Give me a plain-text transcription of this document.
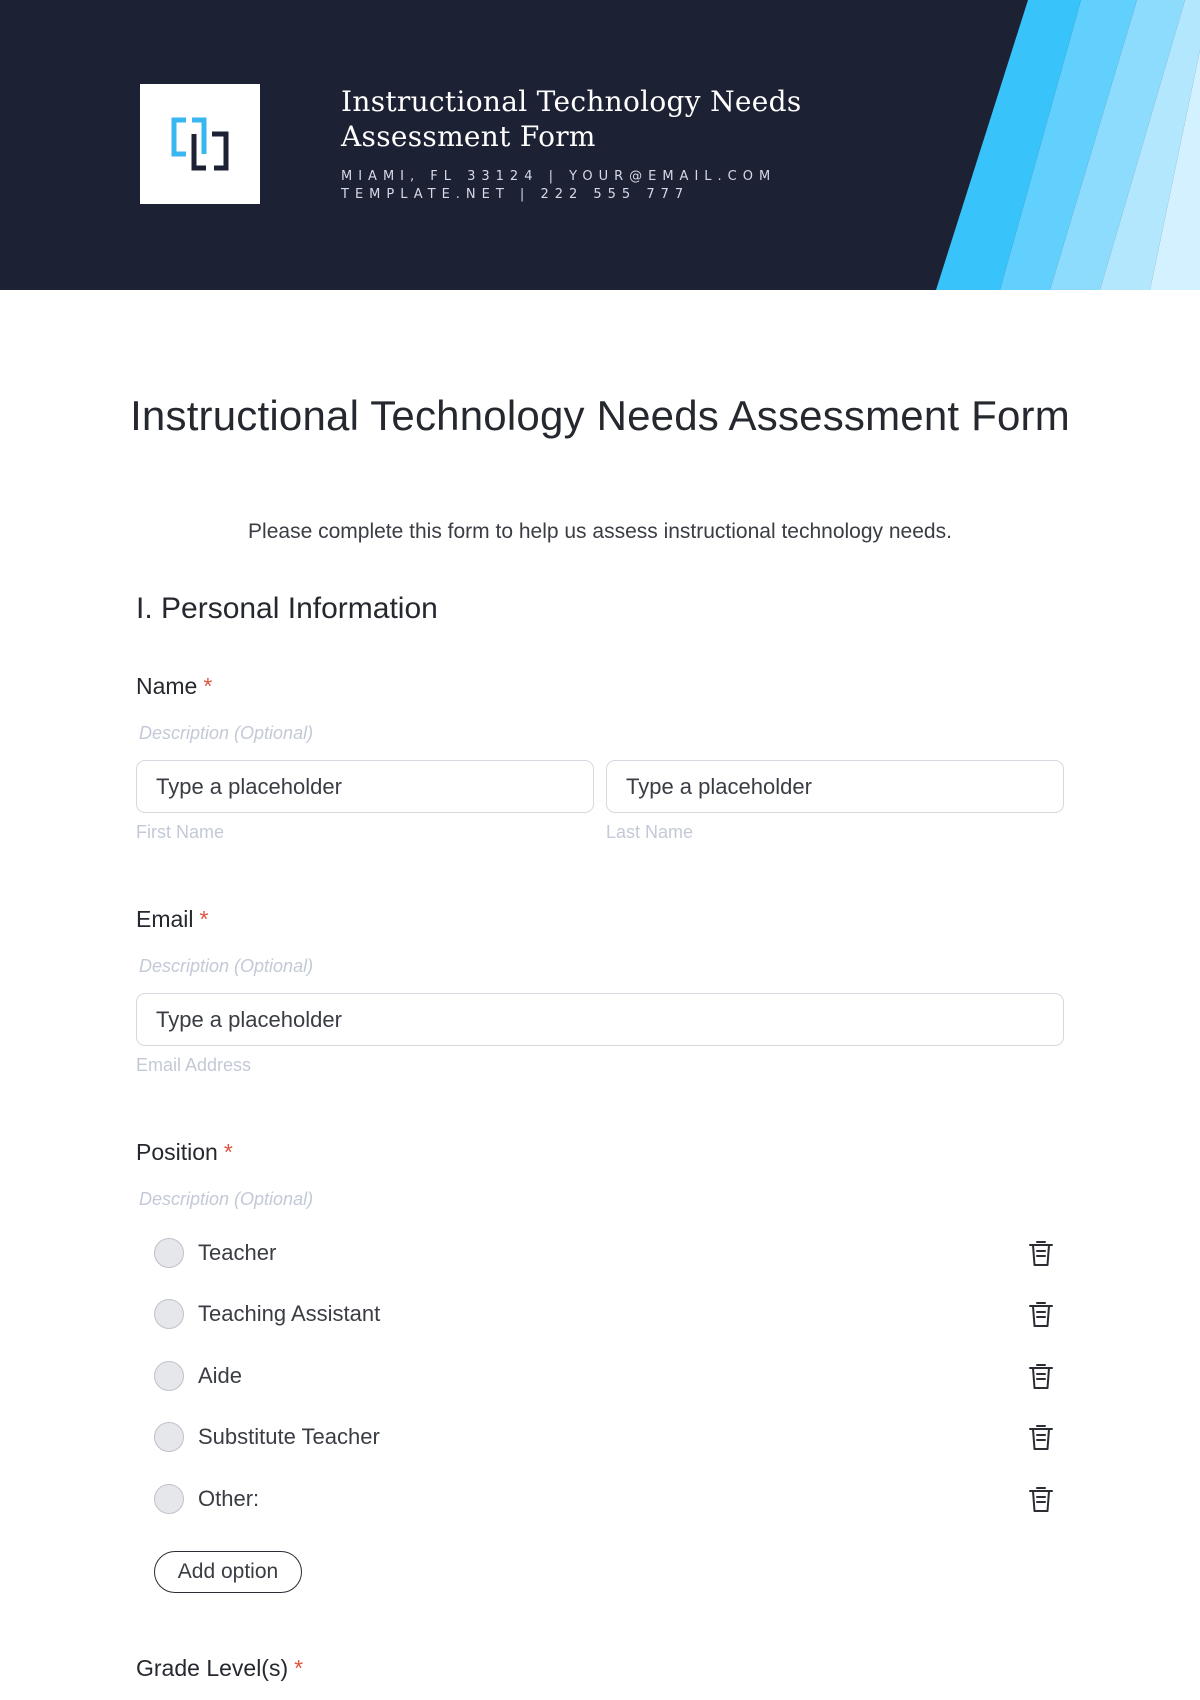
Instructional Technology Needs Assessment Form
MIAMI, FL 33124 | YOUR@EMAIL.COM
TEMPLATE.NET | 222 555 777
Instructional Technology Needs Assessment Form

Please complete this form to help us assess instructional technology needs.

I. Personal Information
Name *
Description (Optional)
Type a placeholder
Type a placeholder
First Name	Last Name
Email *
Description (Optional)
Type a placeholder
Email Address
Position *
Description (Optional)
Teacher
Teaching Assistant
Aide
Substitute Teacher
Other:
Add option
Grade Level(s) *
